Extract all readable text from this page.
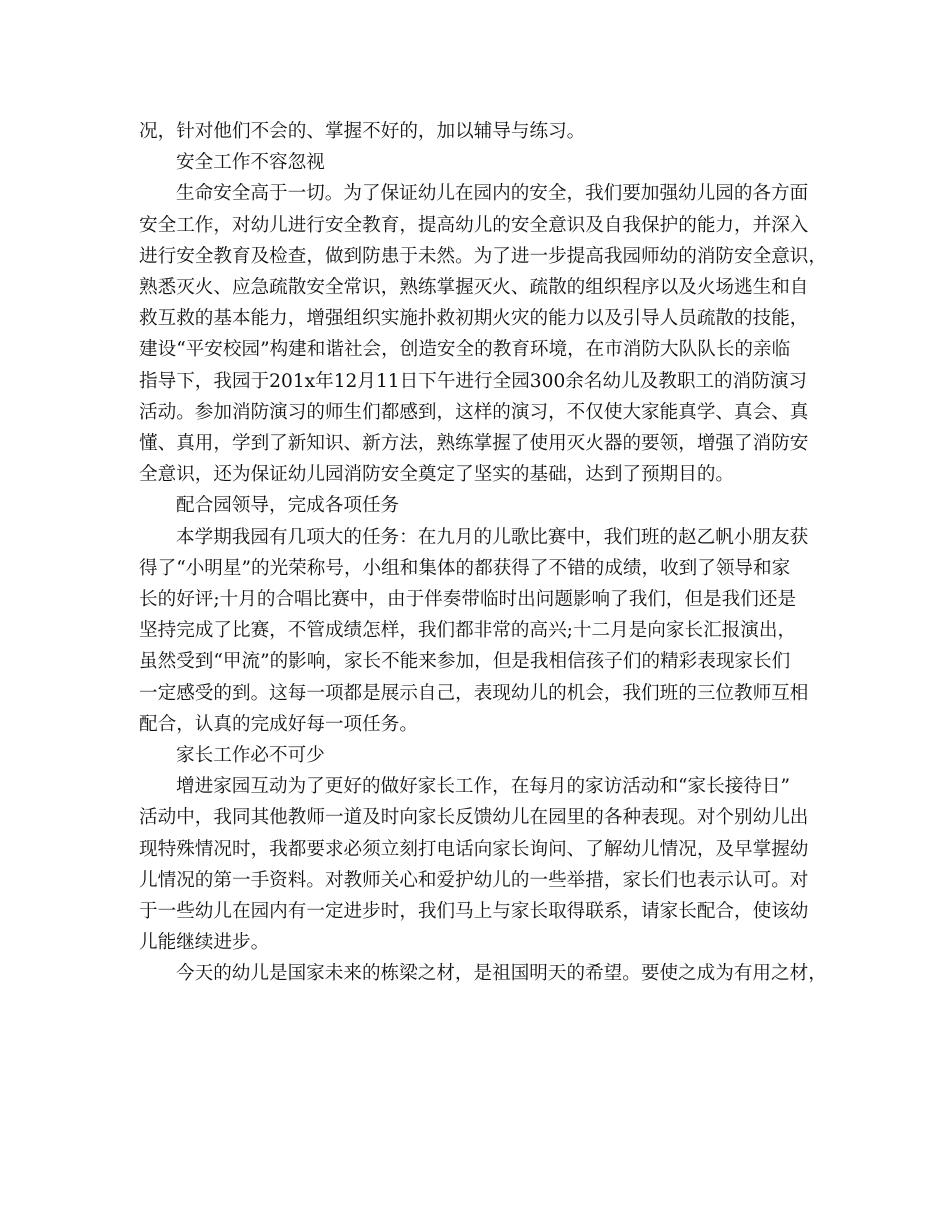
况，针对他们不会的、掌握不好的，加以辅导与练习。

安全工作不容忽视

生命安全高于一切。为了保证幼儿在园内的安全，我们要加强幼儿园的各方面

安全工作，对幼儿进行安全教育，提高幼儿的安全意识及自我保护的能力，并深入

进行安全教育及检查，做到防患于未然。为了进一步提高我园师幼的消防安全意识，

熟悉灭火、应急疏散安全常识，熟练掌握灭火、疏散的组织程序以及火场逃生和自

救互救的基本能力，增强组织实施扑救初期火灾的能力以及引导人员疏散的技能，

建设“平安校园”构建和谐社会，创造安全的教育环境，在市消防大队队长的亲临

指导下，我园于201x年12月11日下午进行全园300余名幼儿及教职工的消防演习

活动。参加消防演习的师生们都感到，这样的演习，不仅使大家能真学、真会、真

懂、真用，学到了新知识、新方法，熟练掌握了使用灭火器的要领，增强了消防安

全意识，还为保证幼儿园消防安全奠定了坚实的基础，达到了预期目的。

配合园领导，完成各项任务

本学期我园有几项大的任务：在九月的儿歌比赛中，我们班的赵乙帆小朋友获

得了“小明星”的光荣称号，小组和集体的都获得了不错的成绩，收到了领导和家

长的好评;十月的合唱比赛中，由于伴奏带临时出问题影响了我们，但是我们还是

坚持完成了比赛，不管成绩怎样，我们都非常的高兴;十二月是向家长汇报演出，

虽然受到“甲流”的影响，家长不能来参加，但是我相信孩子们的精彩表现家长们

一定感受的到。这每一项都是展示自己，表现幼儿的机会，我们班的三位教师互相

配合，认真的完成好每一项任务。

家长工作必不可少

增进家园互动为了更好的做好家长工作，在每月的家访活动和“家长接待日”

活动中，我同其他教师一道及时向家长反馈幼儿在园里的各种表现。对个别幼儿出

现特殊情况时，我都要求必须立刻打电话向家长询问、了解幼儿情况，及早掌握幼

儿情况的第一手资料。对教师关心和爱护幼儿的一些举措，家长们也表示认可。对

于一些幼儿在园内有一定进步时，我们马上与家长取得联系，请家长配合，使该幼

儿能继续进步。

今天的幼儿是国家未来的栋梁之材，是祖国明天的希望。要使之成为有用之材，
